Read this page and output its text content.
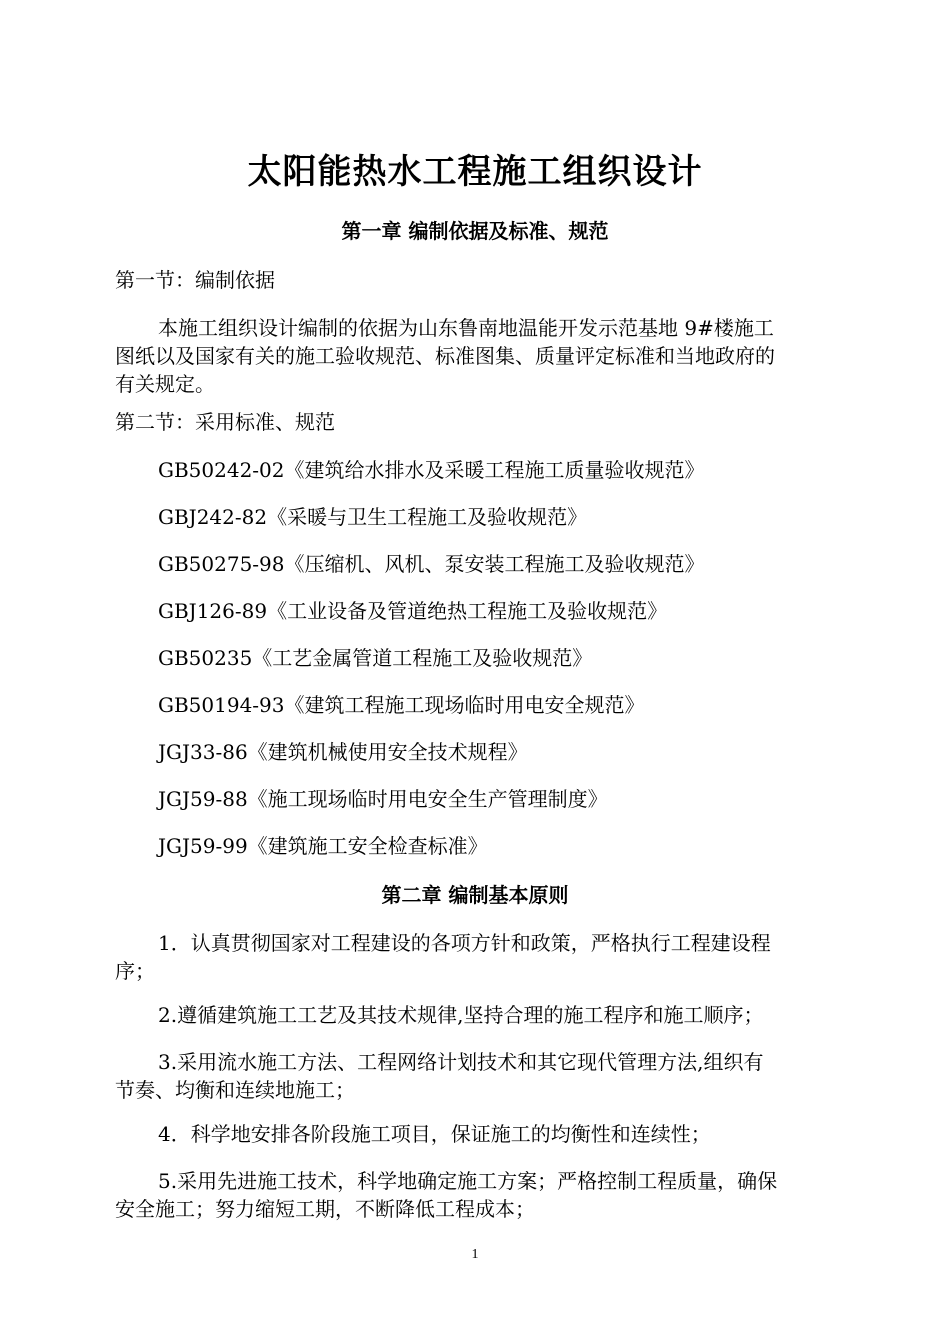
太阳能热水工程施工组织设计
第一章 编制依据及标准、规范
第一节：编制依据
本施工组织设计编制的依据为山东鲁南地温能开发示范基地 9#楼施工
图纸以及国家有关的施工验收规范、标准图集、质量评定标准和当地政府的
有关规定。
第二节：采用标准、规范
GB50242-02《建筑给水排水及采暖工程施工质量验收规范》
GBJ242-82《采暖与卫生工程施工及验收规范》
GB50275-98《压缩机、风机、泵安装工程施工及验收规范》
GBJ126-89《工业设备及管道绝热工程施工及验收规范》
GB50235《工艺金属管道工程施工及验收规范》
GB50194-93《建筑工程施工现场临时用电安全规范》
JGJ33-86《建筑机械使用安全技术规程》
JGJ59-88《施工现场临时用电安全生产管理制度》
JGJ59-99《建筑施工安全检查标准》
第二章 编制基本原则
1．认真贯彻国家对工程建设的各项方针和政策，严格执行工程建设程
序；
2.遵循建筑施工工艺及其技术规律,坚持合理的施工程序和施工顺序；
3.采用流水施工方法、工程网络计划技术和其它现代管理方法,组织有
节奏、均衡和连续地施工；
4．科学地安排各阶段施工项目，保证施工的均衡性和连续性；
5.采用先进施工技术，科学地确定施工方案；严格控制工程质量，确保
安全施工；努力缩短工期，不断降低工程成本；
1
